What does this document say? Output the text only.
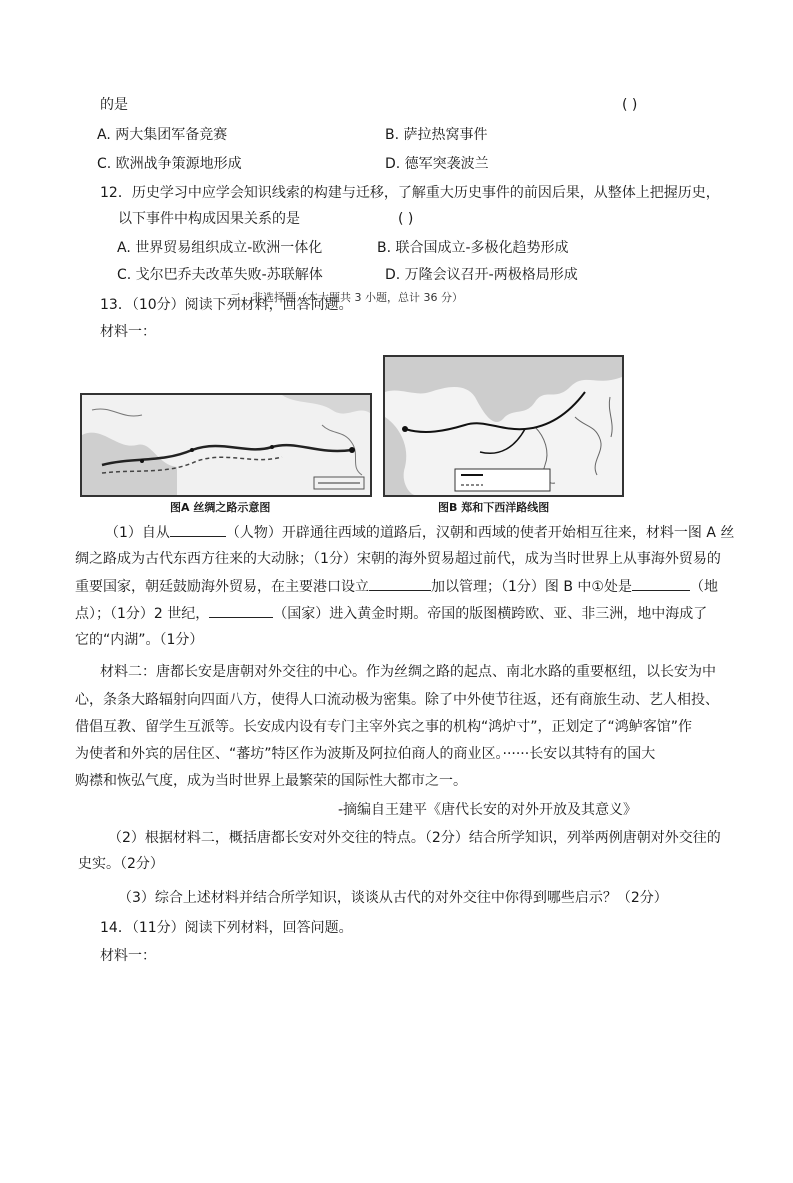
的是	( )
A. 两大集团军备竞赛	B. 萨拉热窝事件
C. 欧洲战争策源地形成	D. 德军突袭波兰
12．历史学习中应学会知识线索的构建与迁移，了解重大历史事件的前因后果，从整体上把握历史，
以下事件中构成因果关系的是	( )
A. 世界贸易组织成立-欧洲一体化	B. 联合国成立-多极化趋势形成
C. 戈尔巴乔夫改革失败-苏联解体	D. 万隆会议召开-两极格局形成
13．（10分）阅读下列材料，回答问题。
二、非选择题（本大题共 3 小题，总计 36 分）
材料一：
图A 丝绸之路示意图	图B 郑和下西洋路线图
（1）自从	（人物）开辟通往西域的道路后，汉朝和西域的使者开始相互往来，材料一图 A 丝
绸之路成为古代东西方往来的大动脉；（1分）宋朝的海外贸易超过前代，成为当时世界上从事海外贸易的
重要国家，朝廷鼓励海外贸易，在主要港口设立	加以管理；（1分）图 B 中①处是	（地
点）；（1分）2 世纪，	（国家）进入黄金时期。帝国的版图横跨欧、亚、非三洲，地中海成了
它的“内湖”。（1分）
材料二：唐都长安是唐朝对外交往的中心。作为丝绸之路的起点、南北水路的重要枢纽，以长安为中
心，条条大路辐射向四面八方，使得人口流动极为密集。除了中外使节往返，还有商旅生动、艺人相投、
借倡互教、留学生互派等。长安成内设有专门主宰外宾之事的机构“鸿炉寸”，正划定了“鸿鲈客馆”作
为使者和外宾的居住区、“蕃坊”特区作为波斯及阿拉伯商人的商业区。······长安以其特有的国大
购襟和恢弘气度，成为当时世界上最繁荣的国际性大都市之一。
-摘编自王建平《唐代长安的对外开放及其意义》
（2）根据材料二，概括唐都长安对外交往的特点。（2分）结合所学知识，列举两例唐朝对外交往的
史实。（2分）
（3）综合上述材料并结合所学知识，谈谈从古代的对外交往中你得到哪些启示？（2分）
14．（11分）阅读下列材料，回答问题。
材料一：
